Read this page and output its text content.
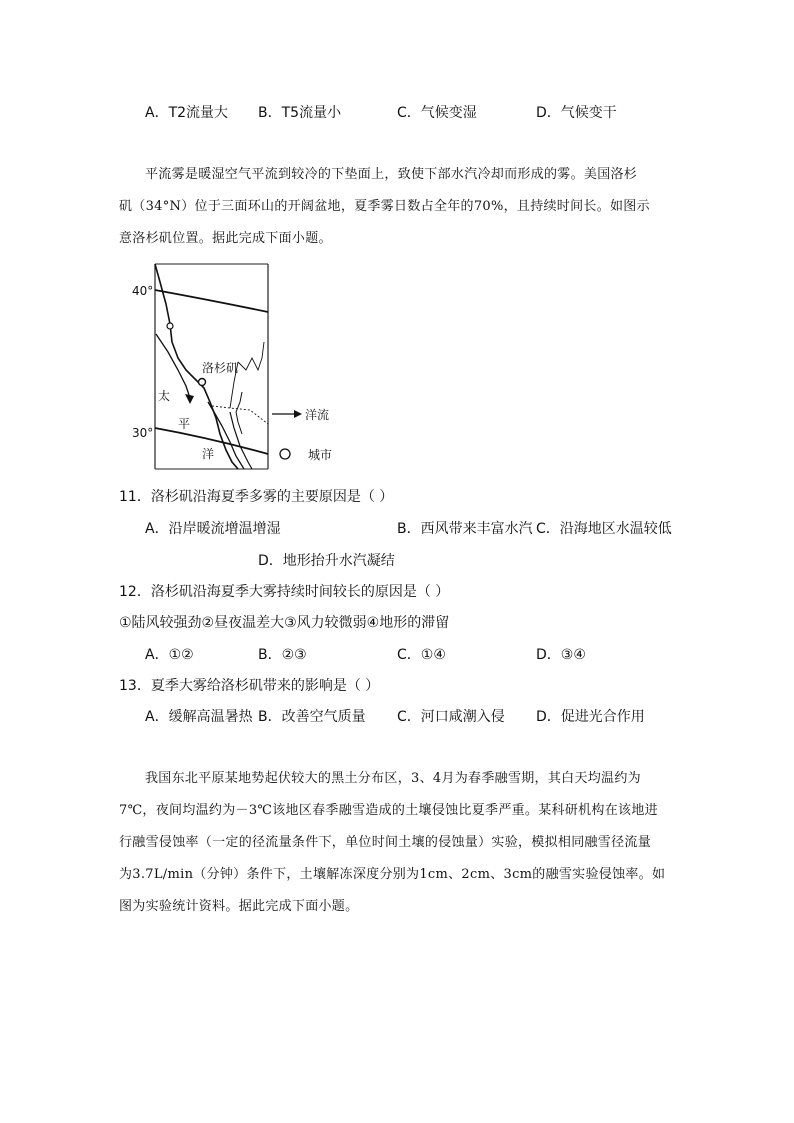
A．T2流量大 B．T5流量小	C．气候变湿	D．气候变干
平流雾是暖湿空气平流到较冷的下垫面上，致使下部水汽冷却而形成的雾。美国洛杉
矶（34°N）位于三面环山的开阔盆地，夏季雾日数占全年的70%，且持续时间长。如图示
意洛杉矶位置。据此完成下面小题。
40°
30°
洛杉矶
太
平
洋
洋流
城市
11．洛杉矶沿海夏季多雾的主要原因是（ ）
A．沿岸暖流增温增湿	B．西风带来丰富水汽 C．沿海地区水温较低
D．地形抬升水汽凝结
12．洛杉矶沿海夏季大雾持续时间较长的原因是（ ）
①陆风较强劲②昼夜温差大③风力较微弱④地形的滞留
A．①②	B．②③	C．①④	D．③④
13．夏季大雾给洛杉矶带来的影响是（ ）
A．缓解高温暑热 B．改善空气质量 C．河口咸潮入侵 D．促进光合作用
我国东北平原某地势起伏较大的黑土分布区，3、4月为春季融雪期，其白天均温约为
7℃，夜间均温约为－3℃该地区春季融雪造成的土壤侵蚀比夏季严重。某科研机构在该地进
行融雪侵蚀率（一定的径流量条件下，单位时间土壤的侵蚀量）实验，模拟相同融雪径流量
为3.7L/min（分钟）条件下，土壤解冻深度分别为1cm、2cm、3cm的融雪实验侵蚀率。如
图为实验统计资料。据此完成下面小题。
